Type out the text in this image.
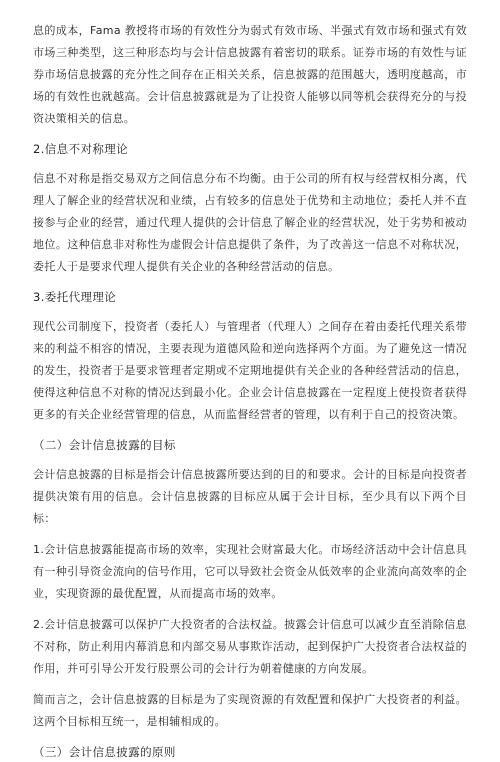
息的成本，Fama 教授将市场的有效性分为弱式有效市场、半强式有效市场和强式有效市场三种类型，这三种形态均与会计信息披露有着密切的联系。证券市场的有效性与证券市场信息披露的充分性之间存在正相关关系，信息披露的范围越大，透明度越高，市场的有效性也就越高。会计信息披露就是为了让投资人能够以同等机会获得充分的与投资决策相关的信息。

2.信息不对称理论

信息不对称是指交易双方之间信息分布不均衡。由于公司的所有权与经营权相分离，代理人了解企业的经营状况和业绩，占有较多的信息处于优势和主动地位；委托人并不直接参与企业的经营，通过代理人提供的会计信息了解企业的经营状况，处于劣势和被动地位。这种信息非对称性为虚假会计信息提供了条件，为了改善这一信息不对称状况，委托人于是要求代理人提供有关企业的各种经营活动的信息。

3.委托代理理论

现代公司制度下，投资者（委托人）与管理者（代理人）之间存在着由委托代理关系带来的利益不相容的情况，主要表现为道德风险和逆向选择两个方面。为了避免这一情况的发生，投资者于是要求管理者定期或不定期地提供有关企业的各种经营活动的信息，使得这种信息不对称的情况达到最小化。企业会计信息披露在一定程度上使投资者获得更多的有关企业经营管理的信息，从而监督经营者的管理，以有利于自己的投资决策。

（二）会计信息披露的目标

会计信息披露的目标是指会计信息披露所要达到的目的和要求。会计的目标是向投资者提供决策有用的信息。会计信息披露的目标应从属于会计目标，至少具有以下两个目标：

1.会计信息披露能提高市场的效率，实现社会财富最大化。市场经济活动中会计信息具有一种引导资金流向的信号作用，它可以导致社会资金从低效率的企业流向高效率的企业，实现资源的最优配置，从而提高市场的效率。

2.会计信息披露可以保护广大投资者的合法权益。披露会计信息可以减少直至消除信息不对称，防止利用内幕消息和内部交易从事欺诈活动，起到保护广大投资者合法权益的作用，并可引导公开发行股票公司的会计行为朝着健康的方向发展。

简而言之，会计信息披露的目标是为了实现资源的有效配置和保护广大投资者的利益。这两个目标相互统一，是相辅相成的。

（三）会计信息披露的原则
